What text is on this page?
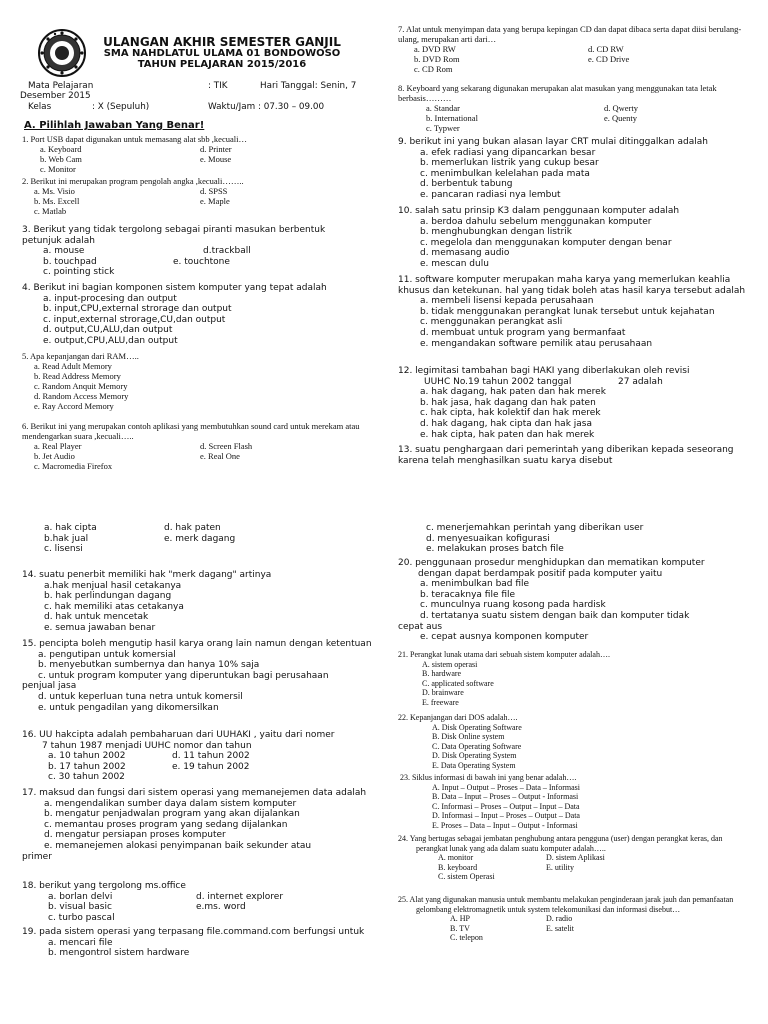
ULANGAN AKHIR SEMESTER GANJIL
SMA NAHDLATUL ULAMA 01 BONDOWOSO
TAHUN PELAJARAN 2015/2016
Mata Pelajaran	: TIK	Hari Tanggal: Senin, 7
Desember 2015
Kelas	: X (Sepuluh)	Waktu/Jam : 07.30 – 09.00
A. Pilihlah Jawaban Yang Benar!
1. Port USB dapat digunakan untuk memasang alat sbb ,kecuali…
a. Keyboard	d. Printer
b. Web Cam	e. Mouse
c. Monitor
2. Berikut ini merupakan program pengolah angka ,kecuali……..
a. Ms. Visio	d. SPSS
b. Ms. Excell	e. Maple
c. Matlab
3. Berikut yang tidak tergolong sebagai piranti masukan berbentuk petunjuk adalah
a. mouse	d.trackball
b. touchpad	e. touchtone
c. pointing stick
4. Berikut ini bagian komponen sistem komputer yang tepat adalah
a. input-procesing dan output
b. input,CPU,external strorage dan output
c. input,external strorage,CU,dan output
d. output,CU,ALU,dan output
e. output,CPU,ALU,dan output
5. Apa kepanjangan dari RAM…..
a. Read Adult Memory
b. Read Address Memory
c. Random Anquit Memory
d. Random Access Memory
e. Ray Accord Memory
6. Berikut ini yang merupakan contoh aplikasi yang membutuhkan sound card untuk merekam atau mendengarkan suara ,kecuali…..
a. Real Player	d. Screen Flash
b. Jet Audio	e. Real One
c. Macromedia Firefox
7. Alat untuk menyimpan data yang berupa kepingan CD dan dapat dibaca serta dapat diisi berulang-ulang, merupakan arti dari…
a. DVD RW	d. CD RW
b. DVD Rom	e. CD Drive
c. CD Rom
8. Keyboard yang sekarang digunakan merupakan alat masukan yang menggunakan tata letak berbasis………
a. Standar	d. Qwerty
b. International	e. Quenty
c. Typwer
9. berikut ini yang bukan alasan layar CRT mulai ditinggalkan adalah
a. efek radiasi yang dipancarkan besar
b. memerlukan listrik yang cukup besar
c. menimbulkan kelelahan pada mata
d. berbentuk tabung
e. pancaran radiasi nya lembut
10. salah satu prinsip K3 dalam penggunaan komputer adalah
a. berdoa dahulu sebelum menggunakan komputer
b. menghubungkan dengan listrik
c. megelola dan menggunakan komputer dengan benar
d. memasang audio
e. mescan dulu
11. software komputer merupakan maha karya yang memerlukan keahlia khusus dan ketekunan. hal yang tidak boleh atas hasil karya tersebut adalah
a. membeli lisensi kepada perusahaan
b. tidak menggunakan perangkat lunak tersebut untuk kejahatan
c. menggunakan perangkat asli
d. membuat untuk program yang bermanfaat
e. mengandakan software pemilik atau perusahaan
12. legimitasi tambahan bagi HAKI yang diberlakukan oleh revisi
UUHC No.19 tahun 2002 tanggal	27 adalah
a. hak dagang, hak paten dan hak merek
b. hak jasa, hak dagang dan hak paten
c. hak cipta, hak kolektif dan hak merek
d. hak dagang, hak cipta dan hak jasa
e. hak cipta, hak paten dan hak merek
13. suatu penghargaan dari pemerintah yang diberikan kepada seseorang karena telah menghasilkan suatu karya disebut
a. hak cipta	d. hak paten
b.hak jual	e. merk dagang
c. lisensi
14. suatu penerbit memiliki hak "merk dagang" artinya
a.hak menjual hasil cetakanya
b. hak perlindungan dagang
c. hak memiliki atas cetakanya
d. hak untuk mencetak
e. semua jawaban benar
15. pencipta boleh mengutip hasil karya orang lain namun dengan ketentuan
a. pengutipan untuk komersial
b. menyebutkan sumbernya dan hanya 10% saja
c. untuk program komputer yang diperuntukan bagi perusahaan
penjual jasa
d. untuk keperluan tuna netra untuk komersil
e. untuk pengadilan yang dikomersilkan
16. UU hakcipta adalah pembaharuan dari UUHAKI , yaitu dari nomer
7 tahun 1987 menjadi UUHC nomor dan tahun
a. 10 tahun 2002	d. 11 tahun 2002
b. 17 tahun 2002	e. 19 tahun 2002
c. 30 tahun 2002
17. maksud dan fungsi dari sistem operasi yang memanejemen data adalah
a. mengendalikan sumber daya dalam sistem komputer
b. mengatur penjadwalan program yang akan dijalankan
c. memantau proses program yang sedang dijalankan
d. mengatur persiapan proses komputer
e. memanejemen alokasi penyimpanan baik sekunder atau
primer
18. berikut yang tergolong ms.office
a. borlan delvi	d. internet explorer
b. visual basic	e.ms. word
c. turbo pascal
19. pada sistem operasi yang terpasang file.command.com berfungsi untuk
a. mencari file
b. mengontrol sistem hardware
c. menerjemahkan perintah yang diberikan user
d. menyesuaikan kofigurasi
e. melakukan proses batch file
20. penggunaan prosedur menghidupkan dan mematikan komputer
dengan dapat berdampak positif pada komputer yaitu
a. menimbulkan bad file
b. teracaknya file file
c. munculnya ruang kosong pada hardisk
d. tertatanya suatu sistem dengan baik dan komputer tidak
cepat aus
e. cepat ausnya komponen komputer
21. Perangkat lunak utama dari sebuah sistem komputer adalah….
A. sistem operasi
B. hardware
C. applicated software
D. brainware
E. freeware
22. Kepanjangan dari DOS adalah….
A. Disk Operating Software
B. Disk Online system
C. Data Operating Software
D. Disk Operating System
E. Data Operating System
23. Siklus informasi di bawah ini yang benar adalah….
A. Input – Output – Proses – Data – Informasi
B. Data – Input – Proses – Output - Informasi
C. Informasi – Proses – Output – Input – Data
D. Informasi – Input – Proses – Output – Data
E. Proses – Data – Input – Output - Informasi
24. Yang bertugas sebagai jembatan penghubung antara pengguna (user) dengan perangkat keras, dan perangkat lunak yang ada dalam suatu komputer adalah…..
A. monitor	D. sistem Aplikasi
B. keyboard	E. utility
C. sistem Operasi
25. Alat yang digunakan manusia untuk membantu melakukan penginderaan jarak jauh dan pemanfaatan gelombang elektromagnetik untuk system telekomunikasi dan informasi disebut…
A. HP	D. radio
B. TV	E. satelit
C. telepon
